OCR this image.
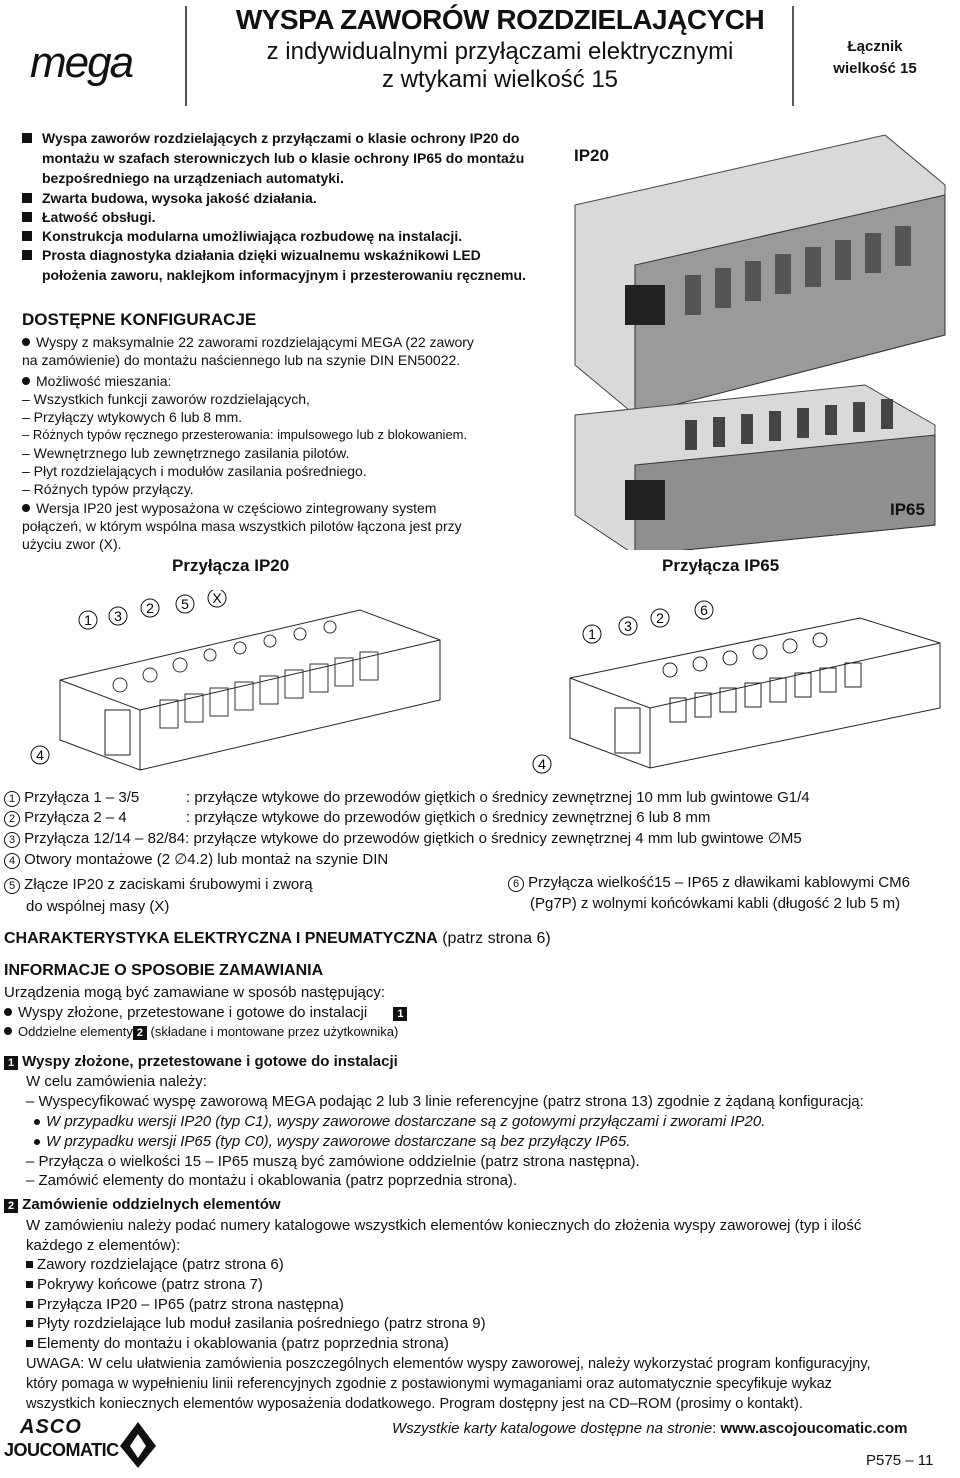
mega
WYSPA ZAWORÓW ROZDZIELAJĄCYCH
z indywidualnymi przyłączami elektrycznymi
z wtykami wielkość 15
Łącznik
wielkość 15
Wyspa zaworów rozdzielających z przyłączami o klasie ochrony IP20 do montażu w szafach sterowniczych lub o klasie ochrony IP65 do montażu bezpośredniego na urządzeniach automatyki.
Zwarta budowa, wysoka jakość działania.
Łatwość obsługi.
Konstrukcja modularna umożliwiająca rozbudowę na instalacji.
Prosta diagnostyka działania dzięki wizualnemu wskaźnikowi LED położenia zaworu, naklejkom informacyjnym i przesterowaniu ręcznemu.
DOSTĘPNE KONFIGURACJE
Wyspy z maksymalnie 22 zaworami rozdzielającymi MEGA (22 zawory
na zamówienie) do montażu naściennego lub na szynie DIN EN50022.
Możliwość mieszania:
– Wszystkich funkcji zaworów rozdzielających,
– Przyłączy wtykowych 6 lub 8 mm.
– Różnych typów ręcznego przesterowania: impulsowego lub z blokowaniem.
– Wewnętrznego lub zewnętrznego zasilania pilotów.
– Płyt rozdzielających i modułów zasilania pośredniego.
– Różnych typów przyłączy.
Wersja IP20 jest wyposażona w częściowo zintegrowany system
połączeń, w którym wspólna masa wszystkich pilotów łączona jest przy
użyciu zwor (X).
IP20
IP65
Przyłącza IP20	Przyłącza IP65
1 3 2 5 X
4
1 3 2	6
4
1 Przyłącza 1 – 3/5	: przyłącze wtykowe do przewodów giętkich o średnicy zewnętrznej 10 mm lub gwintowe G1/4
2 Przyłącza 2 – 4	: przyłącze wtykowe do przewodów giętkich o średnicy zewnętrznej 6 lub 8 mm
3 Przyłącza 12/14 – 82/84: przyłącze wtykowe do przewodów giętkich o średnicy zewnętrznej 4 mm lub gwintowe ∅M5
4 Otwory montażowe (2 ∅4.2) lub montaż na szynie DIN
5 Złącze IP20 z zaciskami śrubowymi i zworą
do wspólnej masy (X)
6 Przyłącza wielkość15 – IP65 z dławikami kablowymi CM6
(Pg7P) z wolnymi końcówkami kabli (długość 2 lub 5 m)
CHARAKTERYSTYKA ELEKTRYCZNA I PNEUMATYCZNA (patrz strona 6)
INFORMACJE O SPOSOBIE ZAMAWIANIA
Urządzenia mogą być zamawiane w sposób następujący:
Wyspy złożone, przetestowane i gotowe do instalacji	1
Oddzielne elementy 2 (składane i montowane przez użytkownika)
1 Wyspy złożone, przetestowane i gotowe do instalacji
W celu zamówienia należy:
– Wyspecyfikować wyspę zaworową MEGA podając 2 lub 3 linie referencyjne (patrz strona 13) zgodnie z żądaną konfiguracją:
W przypadku wersji IP20 (typ C1), wyspy zaworowe dostarczane są z gotowymi przyłączami i zworami IP20.
W przypadku wersji IP65 (typ C0), wyspy zaworowe dostarczane są bez przyłączy IP65.
– Przyłącza o wielkości 15 – IP65 muszą być zamówione oddzielnie (patrz strona następna).
– Zamówić elementy do montażu i okablowania (patrz poprzednia strona).
2 Zamówienie oddzielnych elementów
W zamówieniu należy podać numery katalogowe wszystkich elementów koniecznych do złożenia wyspy zaworowej (typ i ilość
każdego z elementów):
Zawory rozdzielające (patrz strona 6)
Pokrywy końcowe (patrz strona 7)
Przyłącza IP20 – IP65 (patrz strona następna)
Płyty rozdzielające lub moduł zasilania pośredniego (patrz strona 9)
Elementy do montażu i okablowania (patrz poprzednia strona)
UWAGA: W celu ułatwienia zamówienia poszczególnych elementów wyspy zaworowej, należy wykorzystać program konfiguracyjny,
który pomaga w wypełnieniu linii referencyjnych zgodnie z postawionymi wymaganiami oraz automatycznie specyfikuje wykaz
wszystkich koniecznych elementów wyposażenia dodatkowego. Program dostępny jest na CD–ROM (prosimy o kontakt).
ASCO
JOUCOMATIC
Wszystkie karty katalogowe dostępne na stronie: www.ascojoucomatic.com
P575 – 11
